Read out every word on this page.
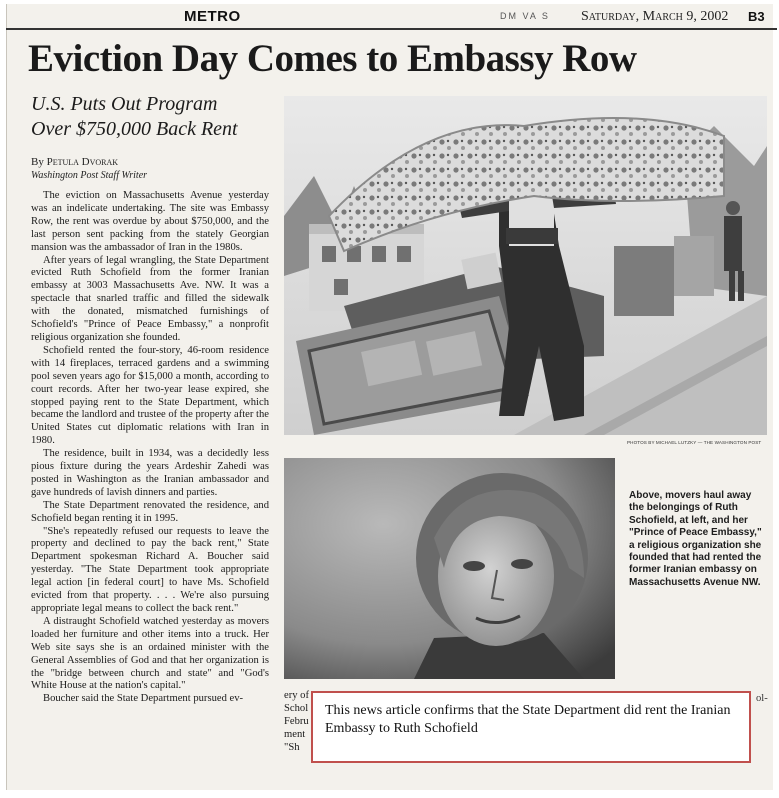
METRO	DM VA S Saturday, March 9, 2002 B3
Eviction Day Comes to Embassy Row
U.S. Puts Out Program
Over $750,000 Back Rent
By Petula Dvorak
Washington Post Staff Writer

The eviction on Massachusetts Avenue yesterday was an indelicate undertaking. The site was Embassy Row, the rent was overdue by about $750,000, and the last person sent packing from the stately Georgian mansion was the ambassador of Iran in the 1980s.

After years of legal wrangling, the State Department evicted Ruth Schofield from the former Iranian embassy at 3003 Massachusetts Ave. NW. It was a spectacle that snarled traffic and filled the sidewalk with the donated, mismatched furnishings of Schofield's "Prince of Peace Embassy," a nonprofit religious organization she founded.

Schofield rented the four-story, 46-room residence with 14 fireplaces, terraced gardens and a swimming pool seven years ago for $15,000 a month, according to court records. After her two-year lease expired, she stopped paying rent to the State Department, which became the landlord and trustee of the property after the United States cut diplomatic relations with Iran in 1980.

The residence, built in 1934, was a decidedly less pious fixture during the years Ardeshir Zahedi was posted in Washington as the Iranian ambassador and gave hundreds of lavish dinners and parties.

The State Department renovated the residence, and Schofield began renting it in 1995.

"She's repeatedly refused our requests to leave the property and declined to pay the back rent," State Department spokesman Richard A. Boucher said yesterday. "The State Department took appropriate legal action [in federal court] to have Ms. Schofield evicted from that property. . . . We're also pursuing appropriate legal means to collect the back rent."

A distraught Schofield watched yesterday as movers loaded her furniture and other items into a truck. Her Web site says she is an ordained minister with the General Assemblies of God and that her organization is the "bridge between church and state" and "God's White House at the nation's capital."

Boucher said the State Department pursued ev-

PHOTOS BY MICHAEL LUTZKY — THE WASHINGTON POST
Above, movers haul away the belongings of Ruth Schofield, at left, and her "Prince of Peace Embassy," a religious organization she founded that had rented the former Iranian embassy on Massachusetts Avenue NW.
ery of
Schol
Febru
ment
"Sh
ol-
This news article confirms that the State Department did rent the Iranian Embassy to Ruth Schofield
